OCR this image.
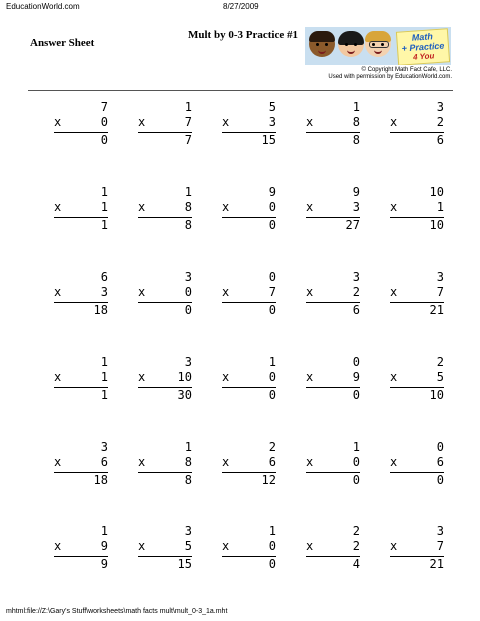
EducationWorld.com	8/27/2009
Answer Sheet
Mult by 0-3 Practice #1	Math
+ Practice
4 You
© Copyright Math Fact Cafe, LLC.
Used with permission by EducationWorld.com.
7
x	0
0
1
x	7
7
5
x	3
15
1
x	8
8
3
x	2
6
1
x	1
1
1
x	8
8
9
x	0
0
9
x	3
27
10
x	1
10
6
x	3
18
3
x	0
0
0
x	7
0
3
x	2
6
3
x	7
21
1
x	1
1
3
x	10
30
1
x	0
0
0
x	9
0
2
x	5
10
3
x	6
18
1
x	8
8
2
x	6
12
1
x	0
0
0
x	6
0
1
x	9
9
3
x	5
15
1
x	0
0
2
x	2
4
3
x	7
21
mhtml:file://Z:\Gary's Stuff\worksheets\math facts mult\mult_0-3_1a.mht
